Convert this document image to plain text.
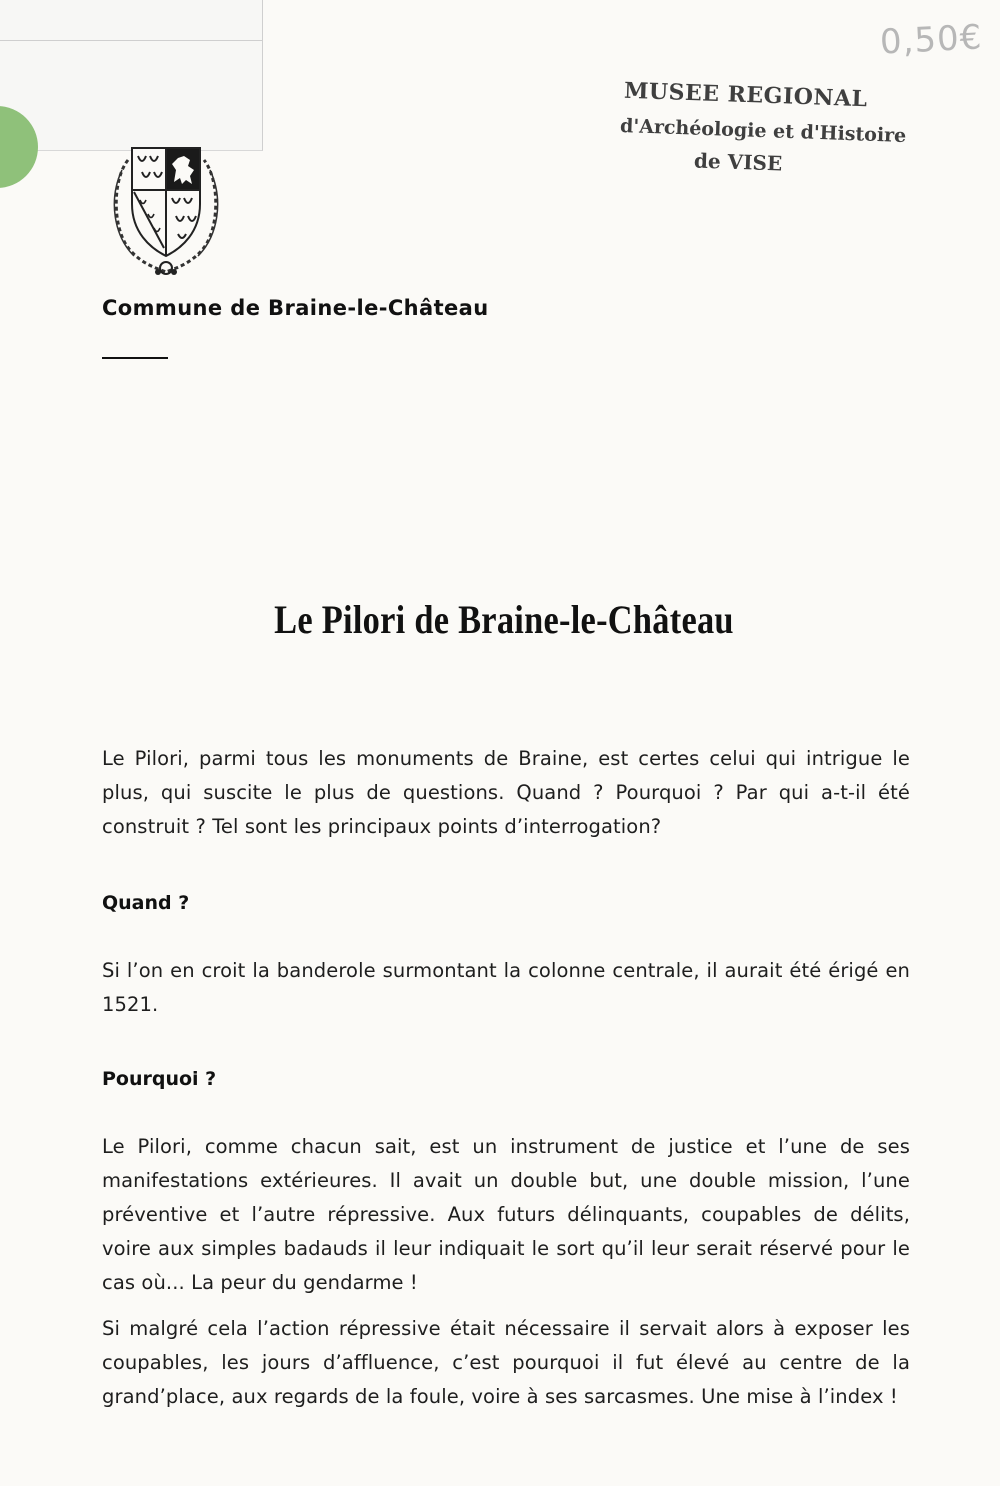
0,50€
MUSEE REGIONAL
d'Archéologie et d'Histoire
de VISE
Commune de Braine-le-Château
Le Pilori de Braine-le-Château

Le Pilori, parmi tous les monuments de Braine, est certes celui qui intrigue le plus, qui suscite le plus de questions. Quand ? Pourquoi ? Par qui a-t-il été construit ? Tel sont les principaux points d’interrogation?

Quand ?

Si l’on en croit la banderole surmontant la colonne centrale, il aurait été érigé en 1521.

Pourquoi ?

Le Pilori, comme chacun sait, est un instrument de justice et l’une de ses manifestations extérieures. Il avait un double but, une double mission, l’une préventive et l’autre répressive. Aux futurs délinquants, coupables de délits, voire aux simples badauds il leur indiquait le sort qu’il leur serait réservé pour le cas où... La peur du gendarme !

Si malgré cela l’action répressive était nécessaire il servait alors à exposer les coupables, les jours d’affluence, c’est pourquoi il fut élevé au centre de la grand’place, aux regards de la foule, voire à ses sarcasmes. Une mise à l’index !
